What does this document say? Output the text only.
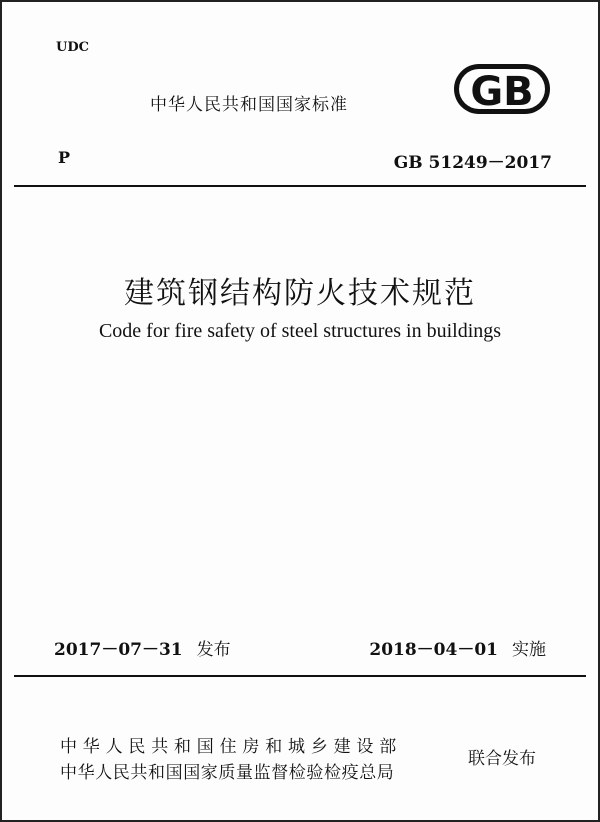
UDC
中华人民共和国国家标准	GB
P	GB 51249－2017
建筑钢结构防火技术规范
Code for fire safety of steel structures in buildings
2017－07－31 发布	2018－04－01 实施
中华人民共和国住房和城乡建设部
中华人民共和国国家质量监督检验检疫总局
联合发布
